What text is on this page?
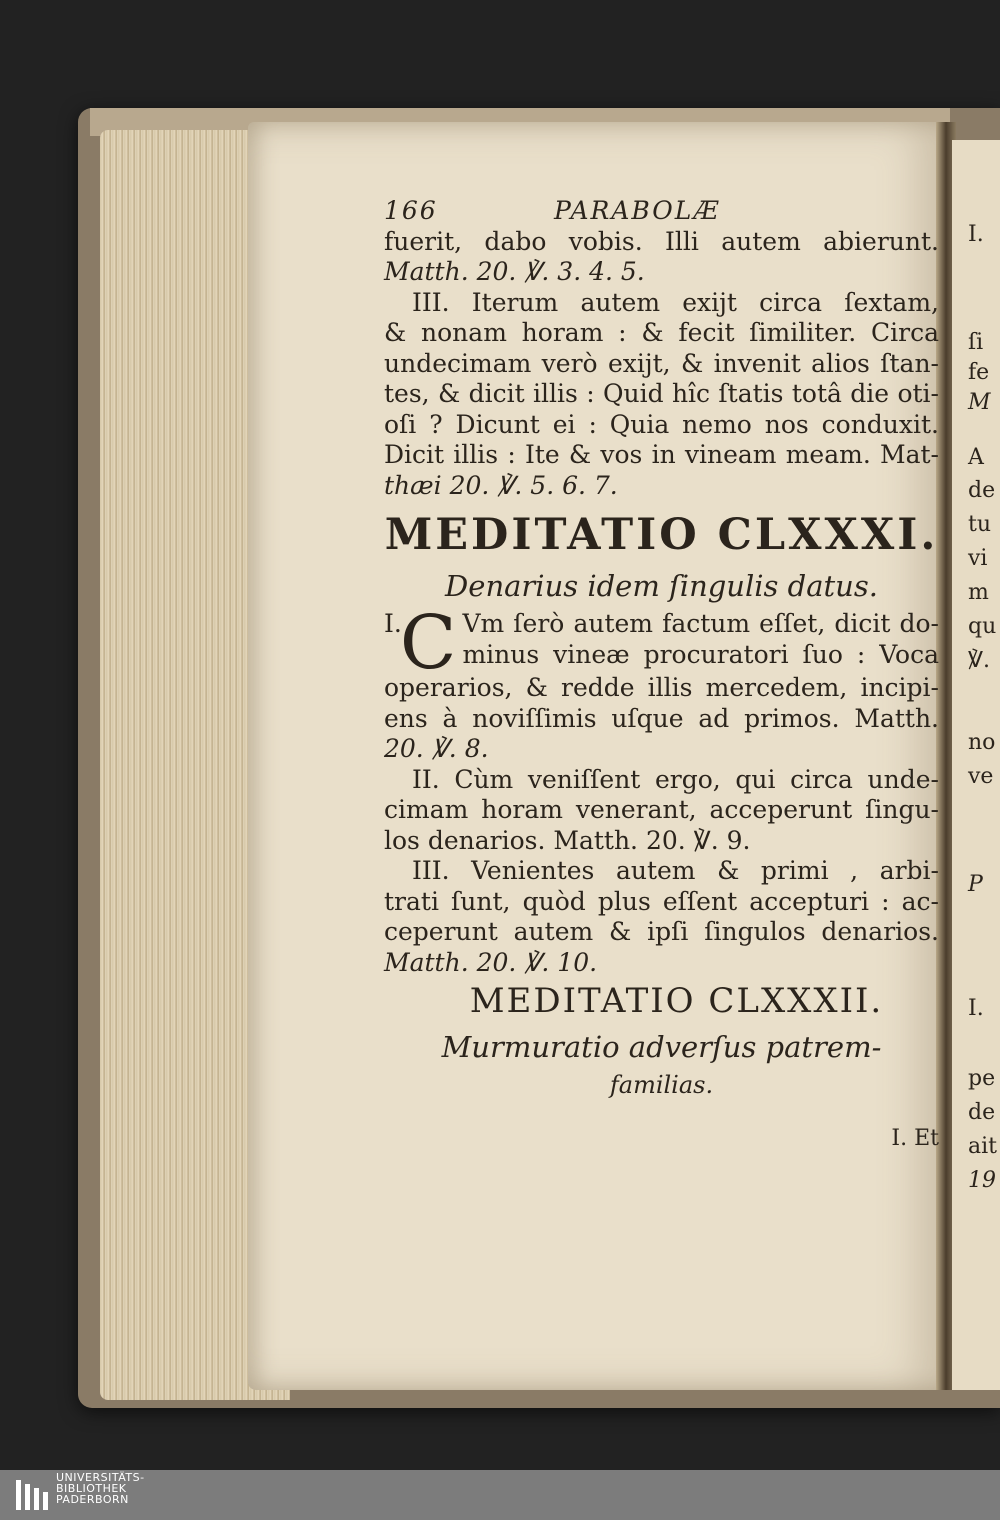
166	PARABOLÆ
fuerit, dabo vobis. Illi autem abierunt.
Matth. 20. ℣. 3. 4. 5.
III. Iterum autem exijt circa ſextam,
& nonam horam : & fecit ſimiliter. Circa
undecimam verò exijt, & invenit alios ſtan-
tes, & dicit illis : Quid hîc ſtatis totâ die oti-
oſi ? Dicunt ei : Quia nemo nos conduxit.
Dicit illis : Ite & vos in vineam meam. Mat-
thæi 20. ℣. 5. 6. 7.
MEDITATIO CLXXXI.
Denarius idem ſingulis datus.
I.
C Vm ſerò autem factum eſſet, dicit do-
minus vineæ procuratori ſuo : Voca
operarios, & redde illis mercedem, incipi-
ens à noviſſimis uſque ad primos. Matth.
20. ℣. 8.
II. Cùm veniſſent ergo, qui circa unde-
cimam horam venerant, acceperunt ſingu-
los denarios. Matth. 20. ℣. 9.
III. Venientes autem & primi , arbi-
trati ſunt, quòd plus eſſent accepturi : ac-
ceperunt autem & ipſi ſingulos denarios.
Matth. 20. ℣. 10.
MEDITATIO CLXXXII.
Murmuratio adverſus patrem-
familias.
I. Et
I.
ſi
fe
M
A
de
tu
vi
m
qu
℣.
no
ve
P
I.
pe
de
ait
19
UNIVERSITÄTS-
BIBLIOTHEK
PADERBORN
